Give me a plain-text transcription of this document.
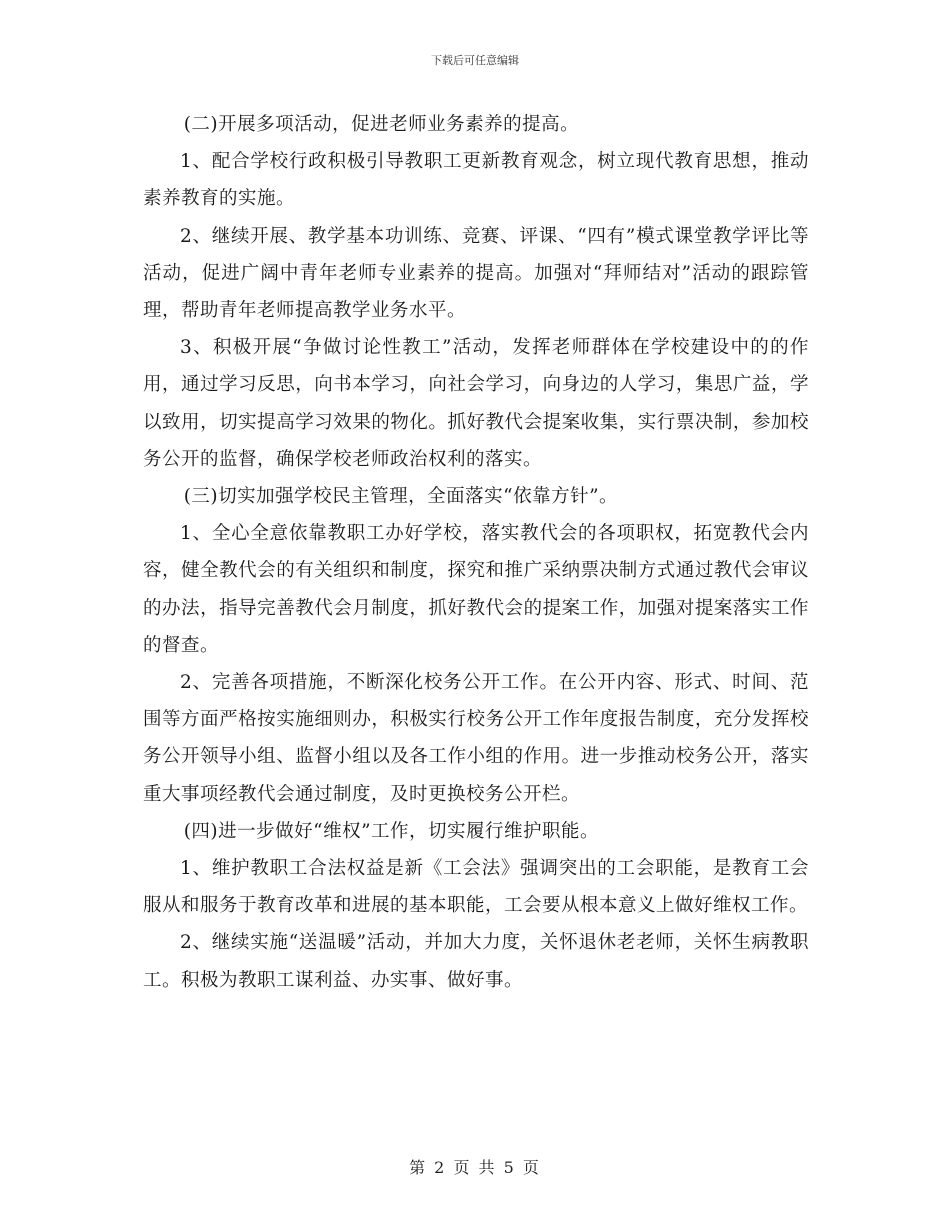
下载后可任意编辑

(二)开展多项活动，促进老师业务素养的提高。

1、配合学校行政积极引导教职工更新教育观念，树立现代教育思想，推动素养教育的实施。

2、继续开展、教学基本功训练、竞赛、评课、“四有”模式课堂教学评比等活动，促进广阔中青年老师专业素养的提高。加强对“拜师结对”活动的跟踪管理，帮助青年老师提高教学业务水平。

3、积极开展“争做讨论性教工”活动，发挥老师群体在学校建设中的的作用，通过学习反思，向书本学习，向社会学习，向身边的人学习，集思广益，学以致用，切实提高学习效果的物化。抓好教代会提案收集，实行票决制，参加校务公开的监督，确保学校老师政治权利的落实。

(三)切实加强学校民主管理，全面落实“依靠方针”。

1、全心全意依靠教职工办好学校，落实教代会的各项职权，拓宽教代会内容，健全教代会的有关组织和制度，探究和推广采纳票决制方式通过教代会审议的办法，指导完善教代会月制度，抓好教代会的提案工作，加强对提案落实工作的督查。

2、完善各项措施，不断深化校务公开工作。在公开内容、形式、时间、范围等方面严格按实施细则办，积极实行校务公开工作年度报告制度，充分发挥校务公开领导小组、监督小组以及各工作小组的作用。进一步推动校务公开，落实重大事项经教代会通过制度，及时更换校务公开栏。

(四)进一步做好“维权”工作，切实履行维护职能。

1、维护教职工合法权益是新《工会法》强调突出的工会职能，是教育工会服从和服务于教育改革和进展的基本职能，工会要从根本意义上做好维权工作。

2、继续实施“送温暖”活动，并加大力度，关怀退休老老师，关怀生病教职工。积极为教职工谋利益、办实事、做好事。

第 2 页 共 5 页
